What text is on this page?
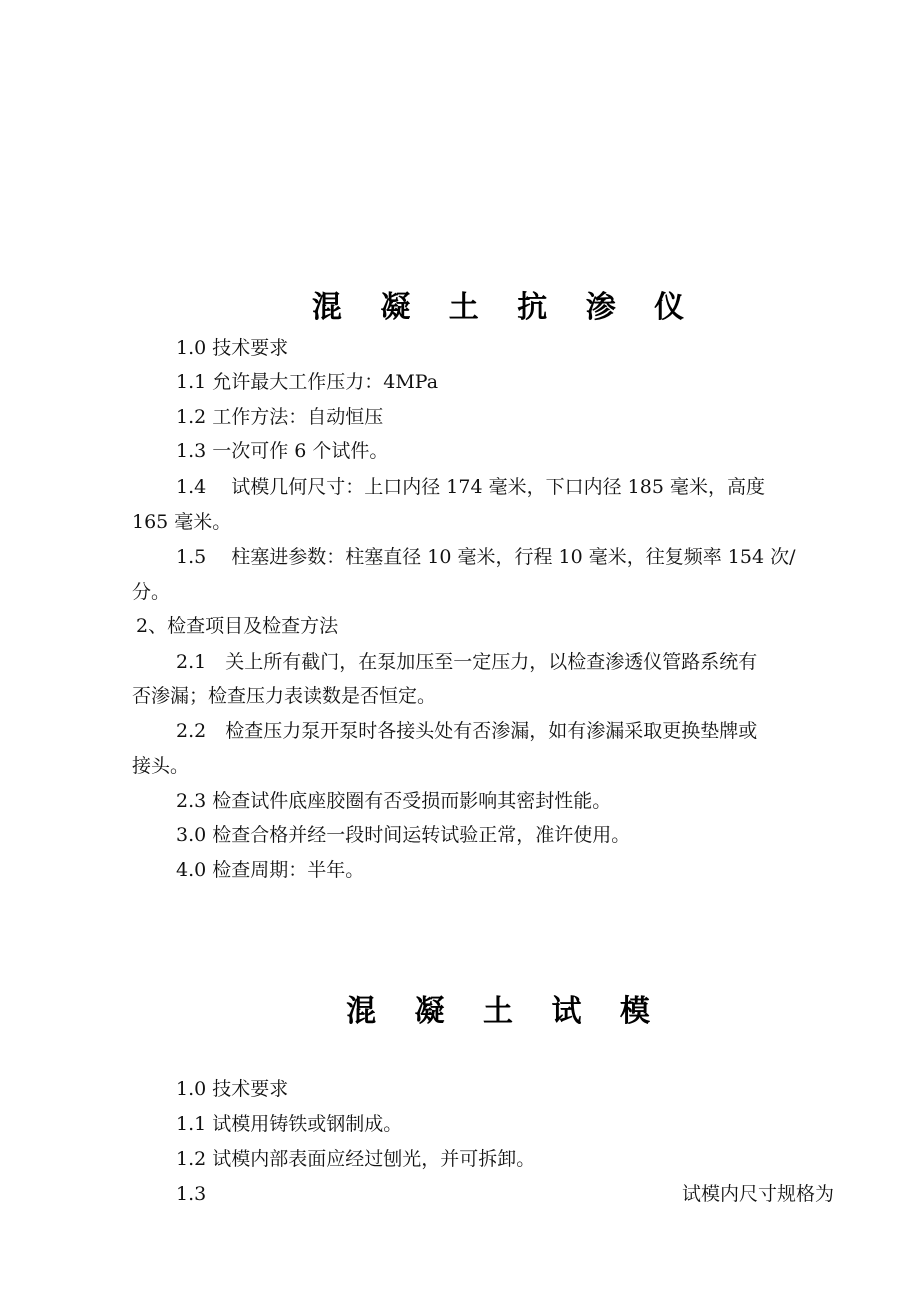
混 凝 土 抗 渗 仪
1.0 技术要求
1.1 允许最大工作压力：4MPa
1.2 工作方法：自动恒压
1.3 一次可作 6 个试件。
1.4　 试模几何尺寸：上口内径 174 毫米，下口内径 185 毫米，高度
165 毫米。
1.5　 柱塞进参数：柱塞直径 10 毫米，行程 10 毫米，往复频率 154 次/
分。
2、检查项目及检查方法
2.1　关上所有截门，在泵加压至一定压力，以检查渗透仪管路系统有
否渗漏；检查压力表读数是否恒定。
2.2　检查压力泵开泵时各接头处有否渗漏，如有渗漏采取更换垫牌或
接头。
2.3 检查试件底座胶圈有否受损而影响其密封性能。
3.0 检查合格并经一段时间运转试验正常，准许使用。
4.0 检查周期：半年。
混 凝 土 试 模
1.0 技术要求
1.1 试模用铸铁或钢制成。
1.2 试模内部表面应经过刨光，并可拆卸。
1.3	试模内尺寸规格为
